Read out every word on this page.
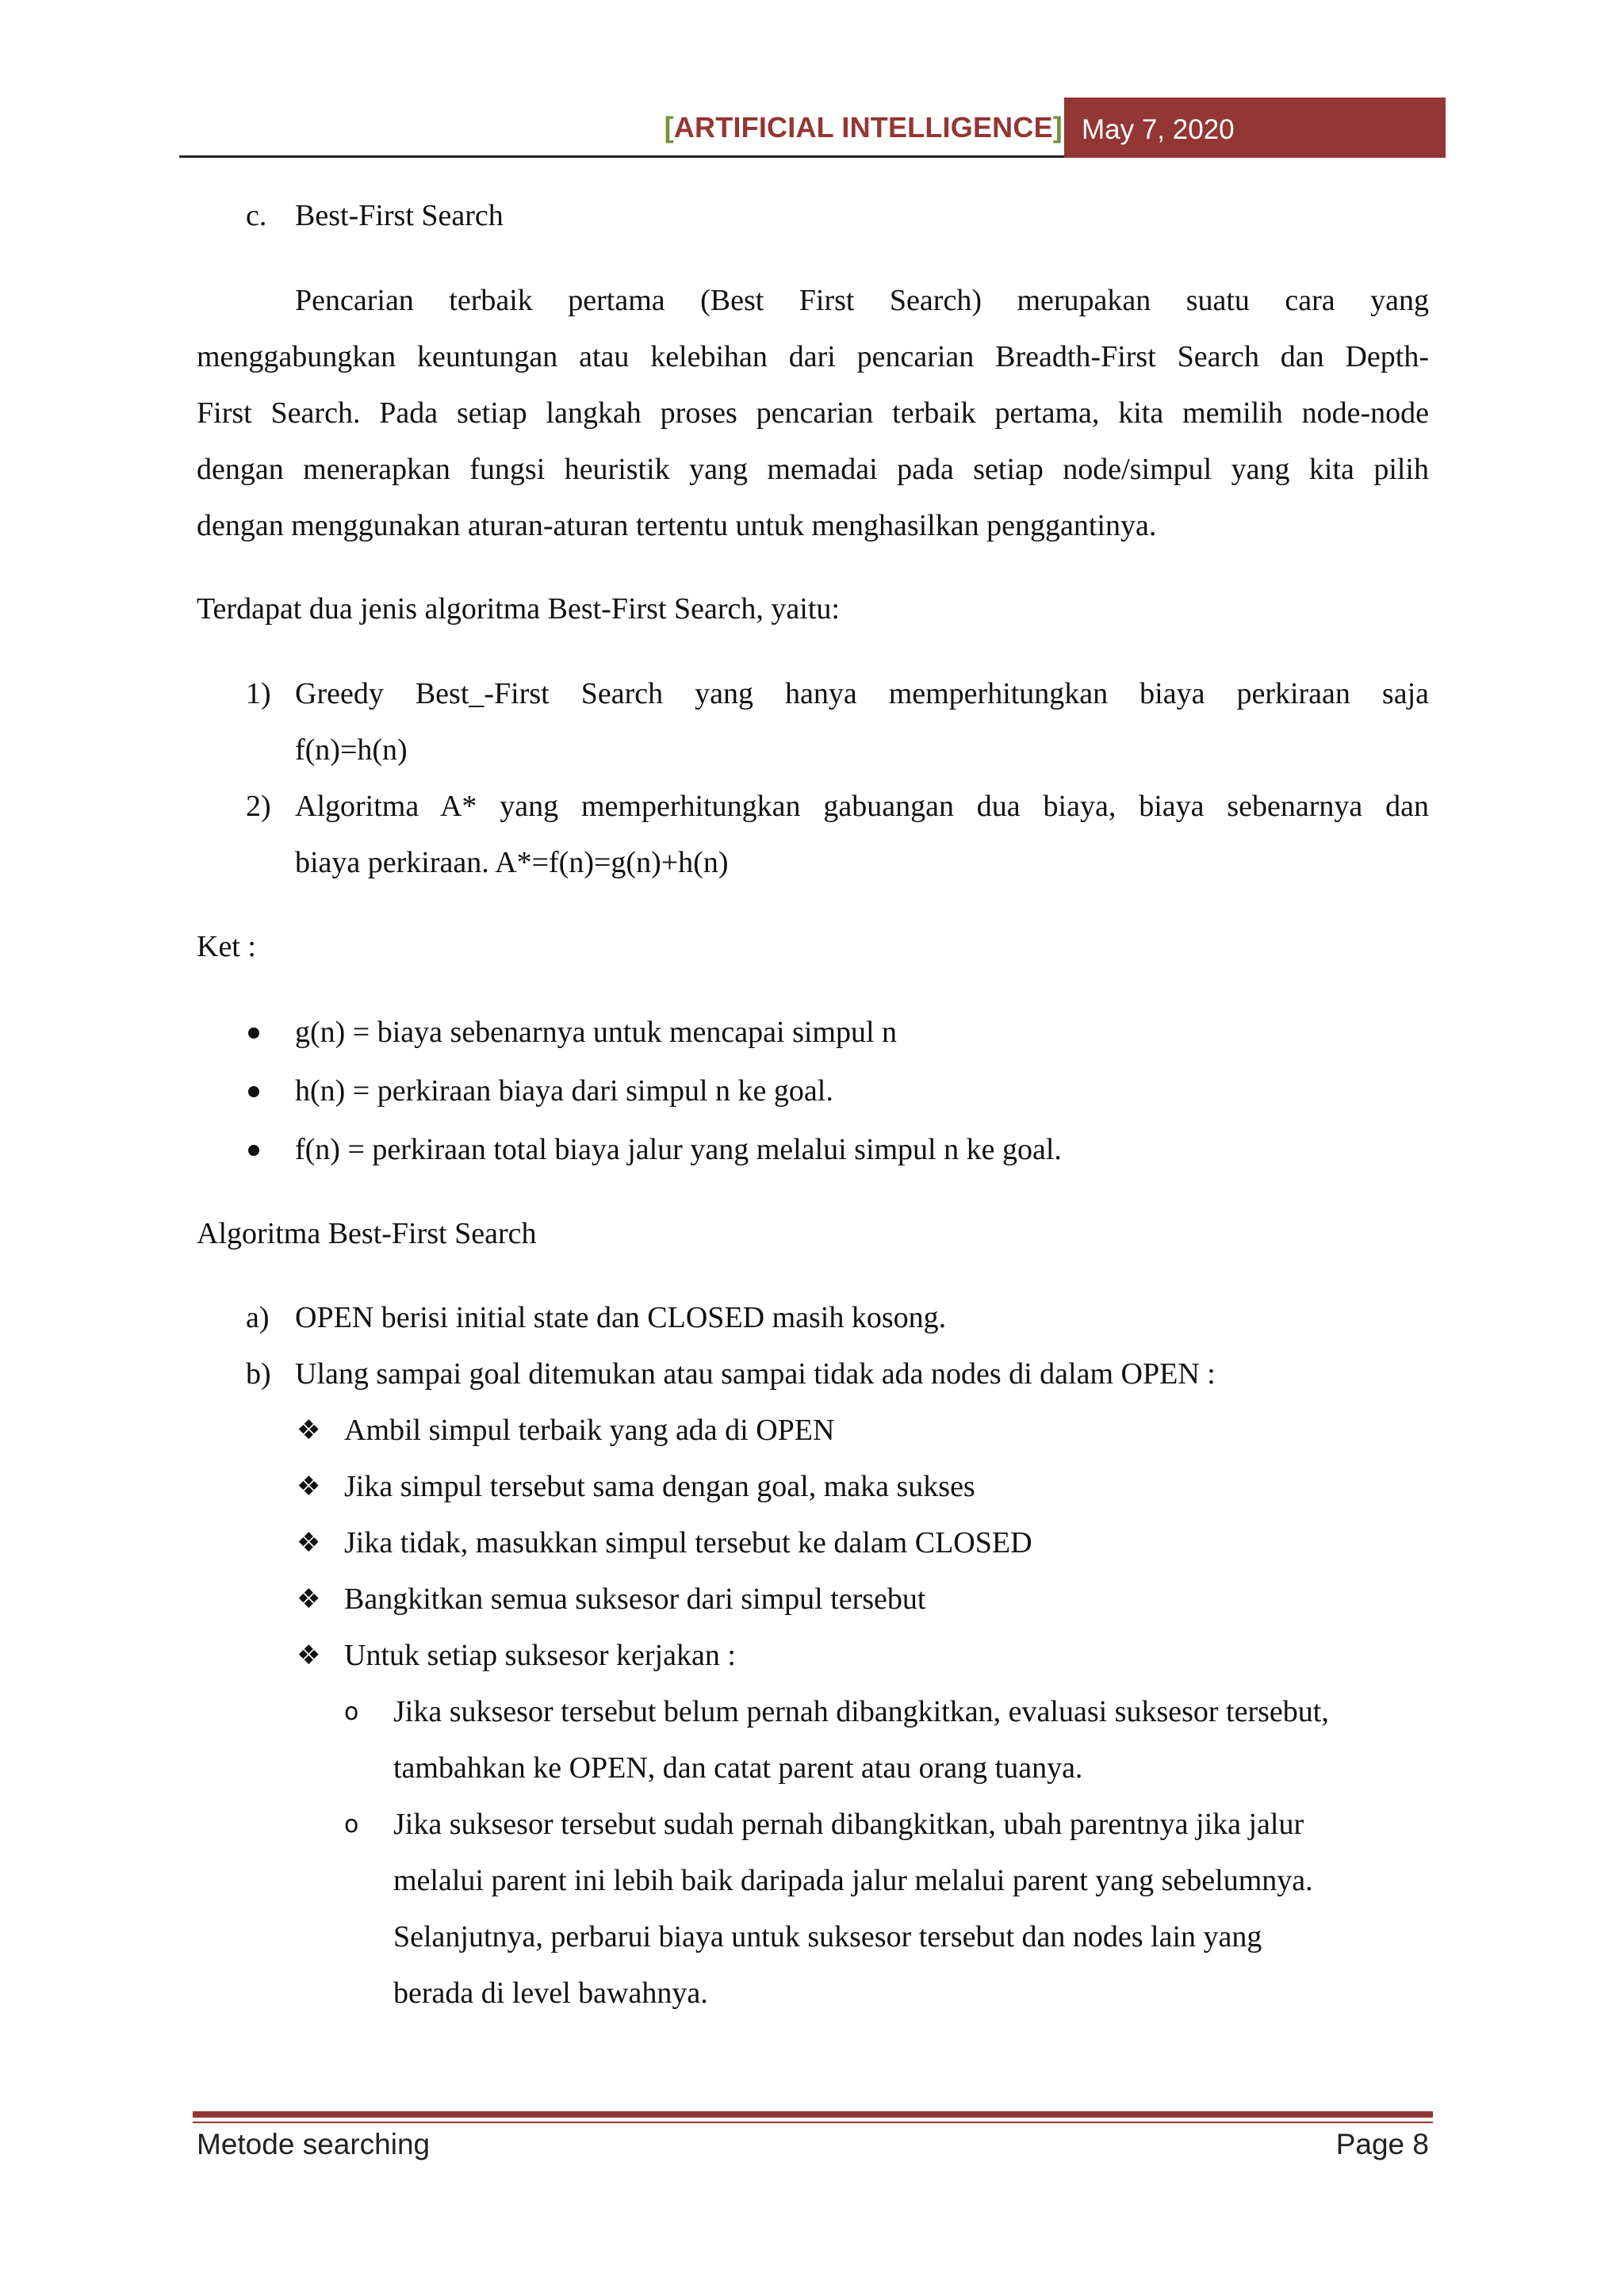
[ARTIFICIAL INTELLIGENCE] May 7, 2020
c. Best-First Search
Pencarian terbaik pertama (Best First Search) merupakan suatu cara yang
menggabungkan keuntungan atau kelebihan dari pencarian Breadth-First Search dan Depth-
First Search. Pada setiap langkah proses pencarian terbaik pertama, kita memilih node-node
dengan menerapkan fungsi heuristik yang memadai pada setiap node/simpul yang kita pilih
dengan menggunakan aturan-aturan tertentu untuk menghasilkan penggantinya.
Terdapat dua jenis algoritma Best-First Search, yaitu:
1) Greedy Best_-First Search yang hanya memperhitungkan biaya perkiraan saja
f(n)=h(n)
2) Algoritma A* yang memperhitungkan gabuangan dua biaya, biaya sebenarnya dan
biaya perkiraan. A*=f(n)=g(n)+h(n)
Ket :
g(n) = biaya sebenarnya untuk mencapai simpul n
h(n) = perkiraan biaya dari simpul n ke goal.
f(n) = perkiraan total biaya jalur yang melalui simpul n ke goal.
Algoritma Best-First Search
a) OPEN berisi initial state dan CLOSED masih kosong.
b) Ulang sampai goal ditemukan atau sampai tidak ada nodes di dalam OPEN :
❖ Ambil simpul terbaik yang ada di OPEN
❖ Jika simpul tersebut sama dengan goal, maka sukses
❖ Jika tidak, masukkan simpul tersebut ke dalam CLOSED
❖ Bangkitkan semua suksesor dari simpul tersebut
❖ Untuk setiap suksesor kerjakan :
o Jika suksesor tersebut belum pernah dibangkitkan, evaluasi suksesor tersebut,
tambahkan ke OPEN, dan catat parent atau orang tuanya.
o Jika suksesor tersebut sudah pernah dibangkitkan, ubah parentnya jika jalur
melalui parent ini lebih baik daripada jalur melalui parent yang sebelumnya.
Selanjutnya, perbarui biaya untuk suksesor tersebut dan nodes lain yang
berada di level bawahnya.
Metode searching	Page 8
